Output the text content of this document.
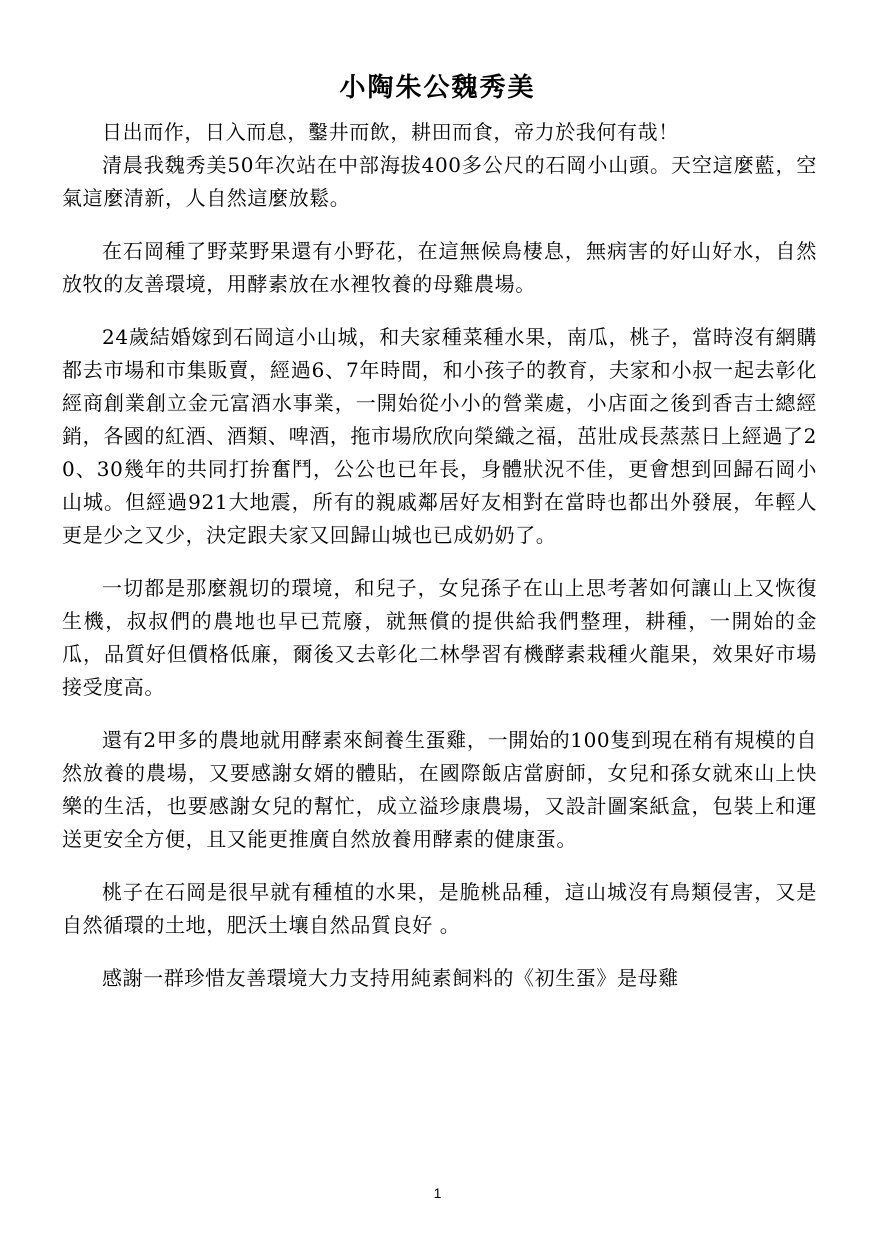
小陶朱公魏秀美

日出而作，日入而息，鑿井而飲，耕田而食，帝力於我何有哉！

清晨我魏秀美50年次站在中部海拔400多公尺的石岡小山頭。天空這麼藍，空氣這麼清新，人自然這麼放鬆。

在石岡種了野菜野果還有小野花，在這無候鳥棲息，無病害的好山好水，自然放牧的友善環境，用酵素放在水裡牧養的母雞農場。

24歲結婚嫁到石岡這小山城，和夫家種菜種水果，南瓜，桃子，當時沒有網購都去市場和市集販賣，經過6、7年時間，和小孩子的教育，夫家和小叔一起去彰化經商創業創立金元富酒水事業，一開始從小小的營業處，小店面之後到香吉士總經銷，各國的紅酒、酒類、啤酒，拖市場欣欣向榮織之福，茁壯成長蒸蒸日上經過了20、30幾年的共同打拚奮鬥，公公也已年長，身體狀況不佳，更會想到回歸石岡小山城。但經過921大地震，所有的親戚鄰居好友相對在當時也都出外發展，年輕人更是少之又少，決定跟夫家又回歸山城也已成奶奶了。

一切都是那麼親切的環境，和兒子，女兒孫子在山上思考著如何讓山上又恢復生機，叔叔們的農地也早已荒廢，就無償的提供給我們整理，耕種，一開始的金瓜，品質好但價格低廉，爾後又去彰化二林學習有機酵素栽種火龍果，效果好市場接受度高。

還有2甲多的農地就用酵素來飼養生蛋雞，一開始的100隻到現在稍有規模的自然放養的農場，又要感謝女婿的體貼，在國際飯店當廚師，女兒和孫女就來山上快樂的生活，也要感謝女兒的幫忙，成立溢珍康農場，又設計圖案紙盒，包裝上和運送更安全方便，且又能更推廣自然放養用酵素的健康蛋。

桃子在石岡是很早就有種植的水果，是脆桃品種，這山城沒有鳥類侵害，又是自然循環的土地，肥沃土壤自然品質良好 。

感謝一群珍惜友善環境大力支持用純素飼料的《初生蛋》是母雞

1
